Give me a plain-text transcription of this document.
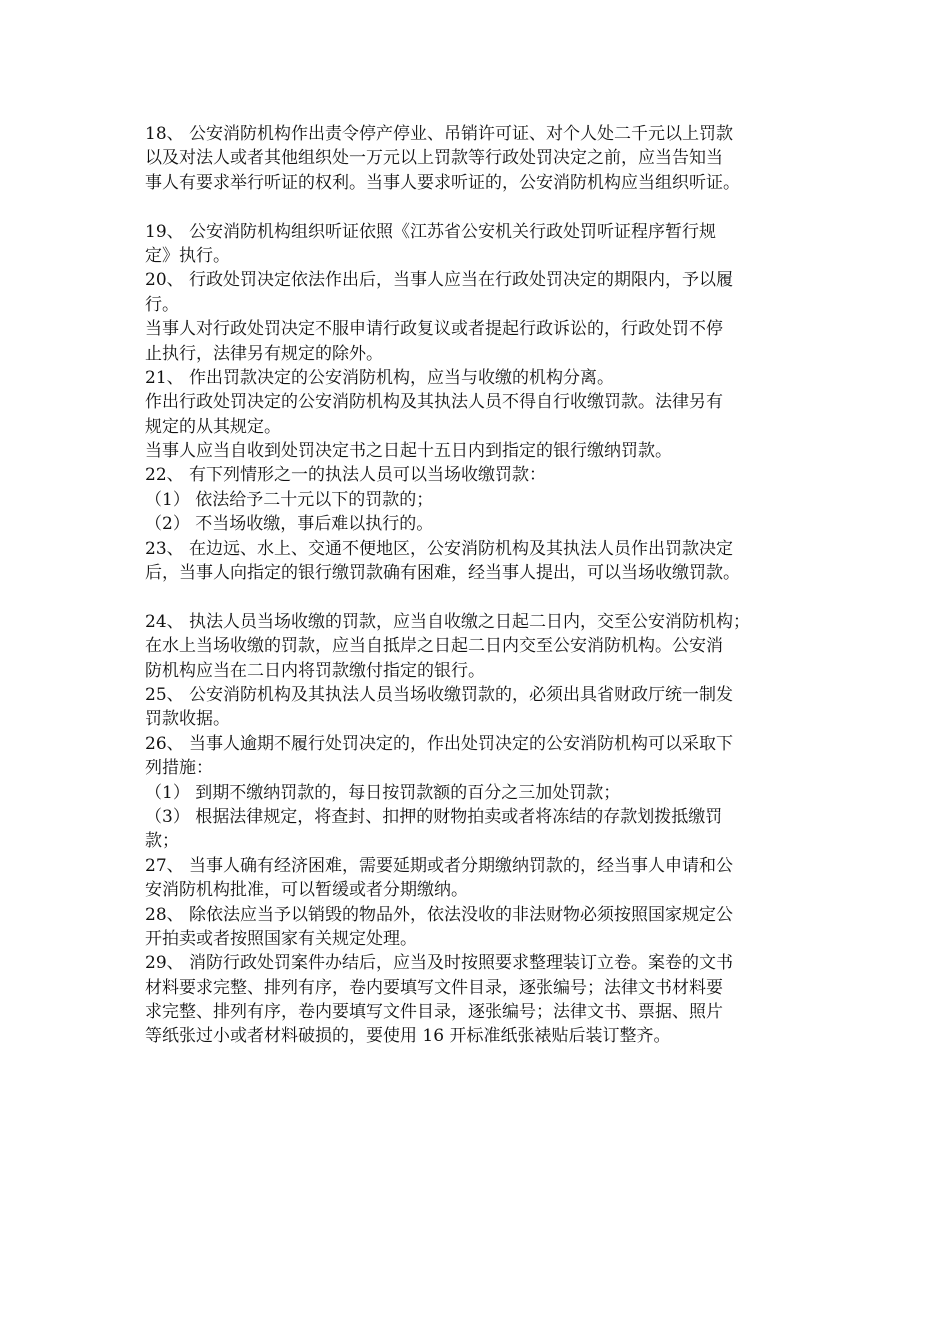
18、 公安消防机构作出责令停产停业、吊销许可证、对个人处二千元以上罚款
以及对法人或者其他组织处一万元以上罚款等行政处罚决定之前，应当告知当
事人有要求举行听证的权利。当事人要求听证的，公安消防机构应当组织听证。
19、 公安消防机构组织听证依照《江苏省公安机关行政处罚听证程序暂行规
定》执行。
20、 行政处罚决定依法作出后，当事人应当在行政处罚决定的期限内，予以履
行。
当事人对行政处罚决定不服申请行政复议或者提起行政诉讼的，行政处罚不停
止执行，法律另有规定的除外。
21、 作出罚款决定的公安消防机构，应当与收缴的机构分离。
作出行政处罚决定的公安消防机构及其执法人员不得自行收缴罚款。法律另有
规定的从其规定。
当事人应当自收到处罚决定书之日起十五日内到指定的银行缴纳罚款。
22、 有下列情形之一的执法人员可以当场收缴罚款：
（1） 依法给予二十元以下的罚款的；
（2） 不当场收缴，事后难以执行的。
23、 在边远、水上、交通不便地区，公安消防机构及其执法人员作出罚款决定
后，当事人向指定的银行缴罚款确有困难，经当事人提出，可以当场收缴罚款。
24、 执法人员当场收缴的罚款，应当自收缴之日起二日内，交至公安消防机构；
在水上当场收缴的罚款，应当自抵岸之日起二日内交至公安消防机构。公安消
防机构应当在二日内将罚款缴付指定的银行。
25、 公安消防机构及其执法人员当场收缴罚款的，必须出具省财政厅统一制发
罚款收据。
26、 当事人逾期不履行处罚决定的，作出处罚决定的公安消防机构可以采取下
列措施：
（1） 到期不缴纳罚款的，每日按罚款额的百分之三加处罚款；
（3） 根据法律规定，将查封、扣押的财物拍卖或者将冻结的存款划拨抵缴罚
款；
27、 当事人确有经济困难，需要延期或者分期缴纳罚款的，经当事人申请和公
安消防机构批准，可以暂缓或者分期缴纳。
28、 除依法应当予以销毁的物品外，依法没收的非法财物必须按照国家规定公
开拍卖或者按照国家有关规定处理。
29、 消防行政处罚案件办结后，应当及时按照要求整理装订立卷。案卷的文书
材料要求完整、排列有序，卷内要填写文件目录，逐张编号；法律文书材料要
求完整、排列有序，卷内要填写文件目录，逐张编号；法律文书、票据、照片
等纸张过小或者材料破损的，要使用 16 开标准纸张裱贴后装订整齐。
